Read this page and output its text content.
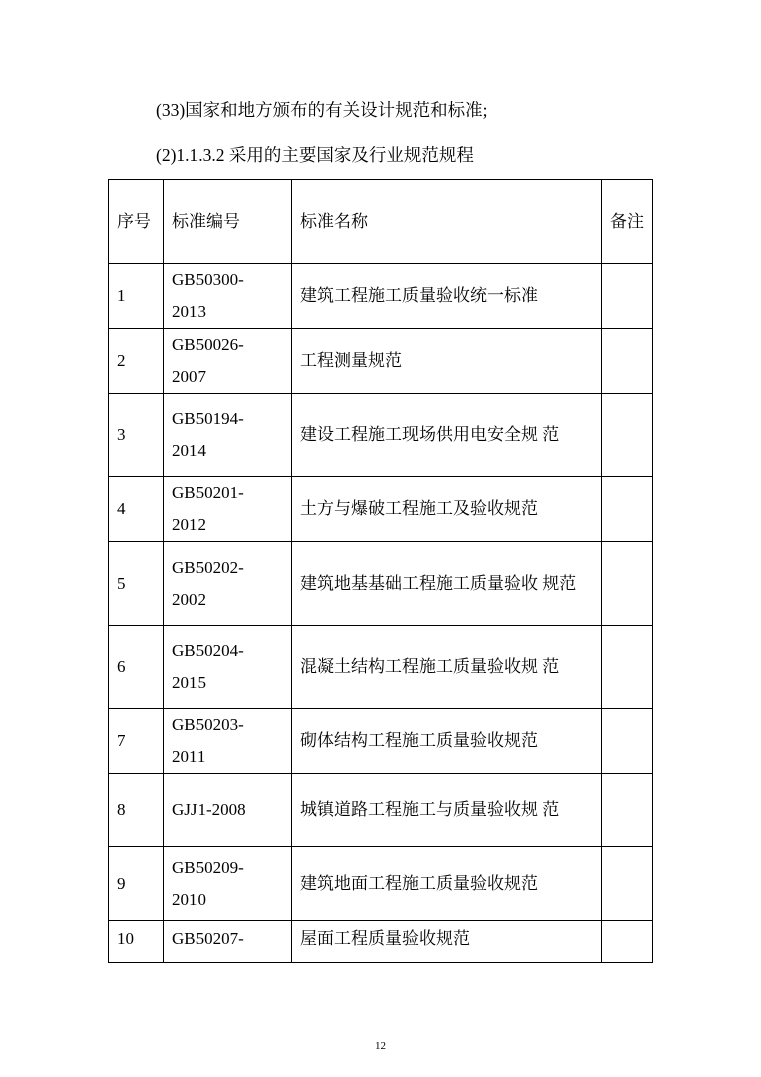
(33)国家和地方颁布的有关设计规范和标准;
(2)1.1.3.2 采用的主要国家及行业规范规程
序号	标准编号	标准名称	备注
1	GB50300-2013	建筑工程施工质量验收统一标准	
2	GB50026-2007	工程测量规范	
3	GB50194-2014	建设工程施工现场供用电安全规 范	
4	GB50201-2012	土方与爆破工程施工及验收规范	
5	GB50202-2002	建筑地基基础工程施工质量验收 规范	
6	GB50204-2015	混凝土结构工程施工质量验收规 范	
7	GB50203-2011	砌体结构工程施工质量验收规范	
8	GJJ1-2008	城镇道路工程施工与质量验收规 范	
9	GB50209-2010	建筑地面工程施工质量验收规范	
10	GB50207-	屋面工程质量验收规范	
12
